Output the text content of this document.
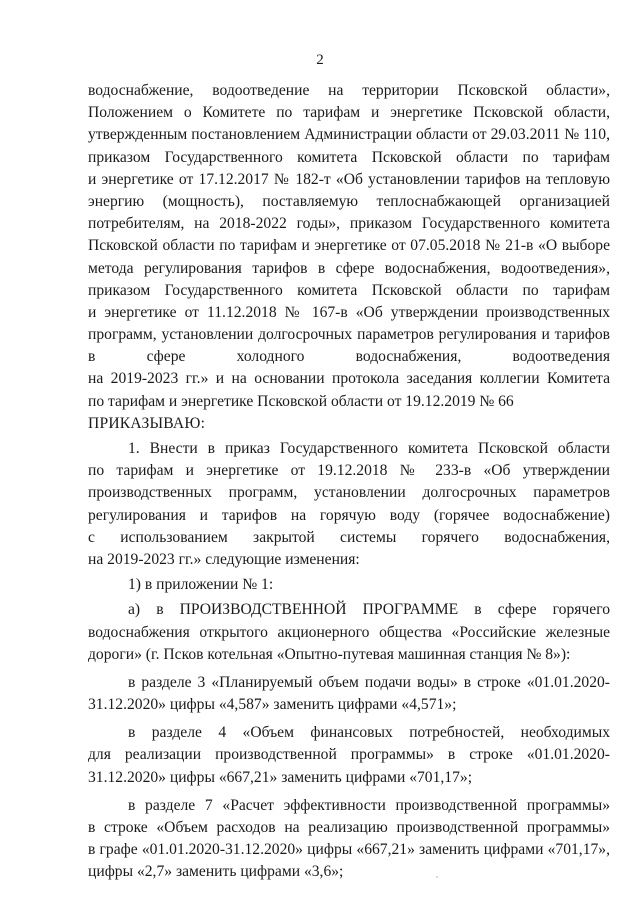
2
водоснабжение, водоотведение на территории Псковской области»,
Положением о Комитете по тарифам и энергетике Псковской области,
утвержденным постановлением Администрации области от 29.03.2011 № 110,
приказом Государственного комитета Псковской области по тарифам
и энергетике от 17.12.2017 № 182-т «Об установлении тарифов на тепловую
энергию (мощность), поставляемую теплоснабжающей организацией
потребителям, на 2018-2022 годы», приказом Государственного комитета
Псковской области по тарифам и энергетике от 07.05.2018 № 21-в «О выборе
метода регулирования тарифов в сфере водоснабжения, водоотведения»,
приказом Государственного комитета Псковской области по тарифам
и энергетике от 11.12.2018 № 167-в «Об утверждении производственных
программ, установлении долгосрочных параметров регулирования и тарифов
в сфере холодного водоснабжения, водоотведения
на 2019-2023 гг.» и на основании протокола заседания коллегии Комитета
по тарифам и энергетике Псковской области от 19.12.2019 № 66
ПРИКАЗЫВАЮ:
1. Внести в приказ Государственного комитета Псковской области
по тарифам и энергетике от 19.12.2018 № 233-в «Об утверждении
производственных программ, установлении долгосрочных параметров
регулирования и тарифов на горячую воду (горячее водоснабжение)
с использованием закрытой системы горячего водоснабжения,
на 2019-2023 гг.» следующие изменения:
1) в приложении № 1:
а) в ПРОИЗВОДСТВЕННОЙ ПРОГРАММЕ в сфере горячего
водоснабжения открытого акционерного общества «Российские железные
дороги» (г. Псков котельная «Опытно-путевая машинная станция № 8»):
в разделе 3 «Планируемый объем подачи воды» в строке «01.01.2020-
31.12.2020» цифры «4,587» заменить цифрами «4,571»;
в разделе 4 «Объем финансовых потребностей, необходимых
для реализации производственной программы» в строке «01.01.2020-
31.12.2020» цифры «667,21» заменить цифрами «701,17»;
в разделе 7 «Расчет эффективности производственной программы»
в строке «Объем расходов на реализацию производственной программы»
в графе «01.01.2020-31.12.2020» цифры «667,21» заменить цифрами «701,17»,
цифры «2,7» заменить цифрами «3,6»;
